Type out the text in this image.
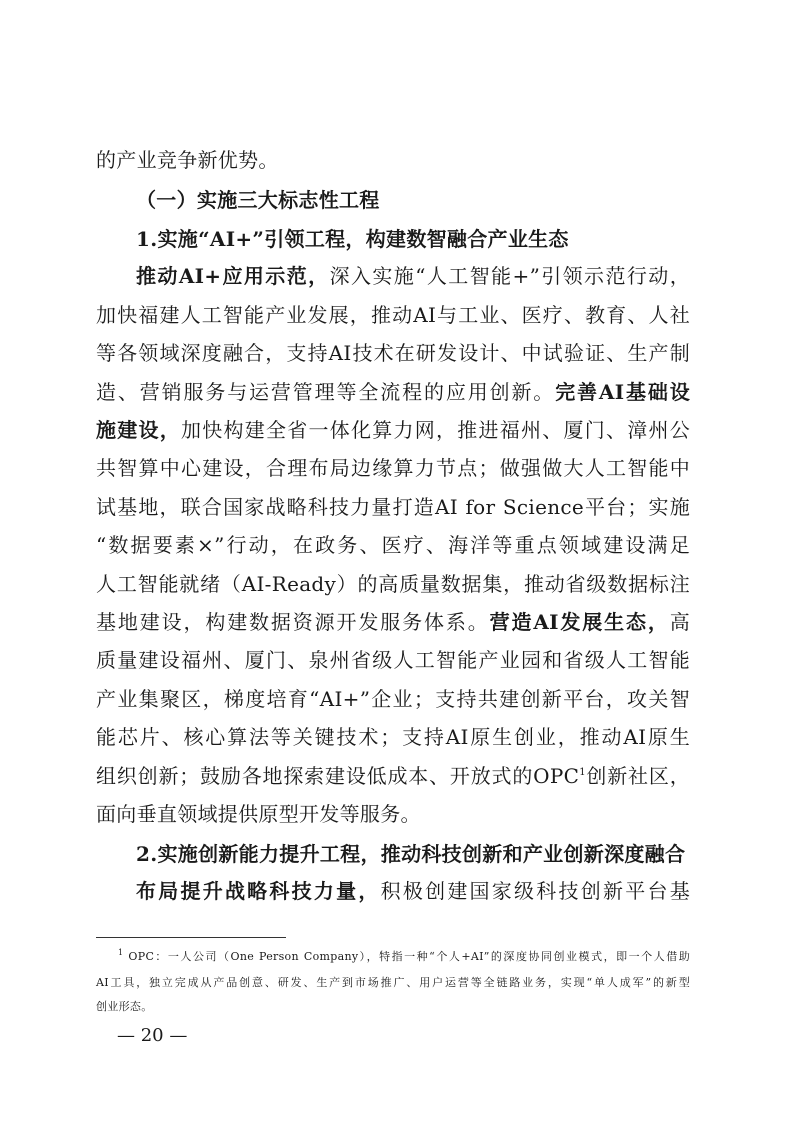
的产业竞争新优势。
（一）实施三大标志性工程
1.实施“AI+”引领工程，构建数智融合产业生态
推动AI+应用示范，深入实施“人工智能+”引领示范行动，
加快福建人工智能产业发展，推动AI与工业、医疗、教育、人社
等各领域深度融合，支持AI技术在研发设计、中试验证、生产制
造、营销服务与运营管理等全流程的应用创新。完善AI基础设
施建设，加快构建全省一体化算力网，推进福州、厦门、漳州公
共智算中心建设，合理布局边缘算力节点；做强做大人工智能中
试基地，联合国家战略科技力量打造AI for Science平台；实施
“数据要素×”行动，在政务、医疗、海洋等重点领域建设满足
人工智能就绪（AI-Ready）的高质量数据集，推动省级数据标注
基地建设，构建数据资源开发服务体系。营造AI发展生态，高
质量建设福州、厦门、泉州省级人工智能产业园和省级人工智能
产业集聚区，梯度培育“AI+”企业；支持共建创新平台，攻关智
能芯片、核心算法等关键技术；支持AI原生创业，推动AI原生
组织创新；鼓励各地探索建设低成本、开放式的OPC$^1$创新社区，
面向垂直领域提供原型开发等服务。
2.实施创新能力提升工程，推动科技创新和产业创新深度融合
布局提升战略科技力量，积极创建国家级科技创新平台基
$^1$ OPC：一人公司（One Person Company），特指一种“个人+AI”的深度协同创业模式，即一个人借助
AI工具，独立完成从产品创意、研发、生产到市场推广、用户运营等全链路业务，实现“单人成军”的新型
创业形态。
— 20 —
